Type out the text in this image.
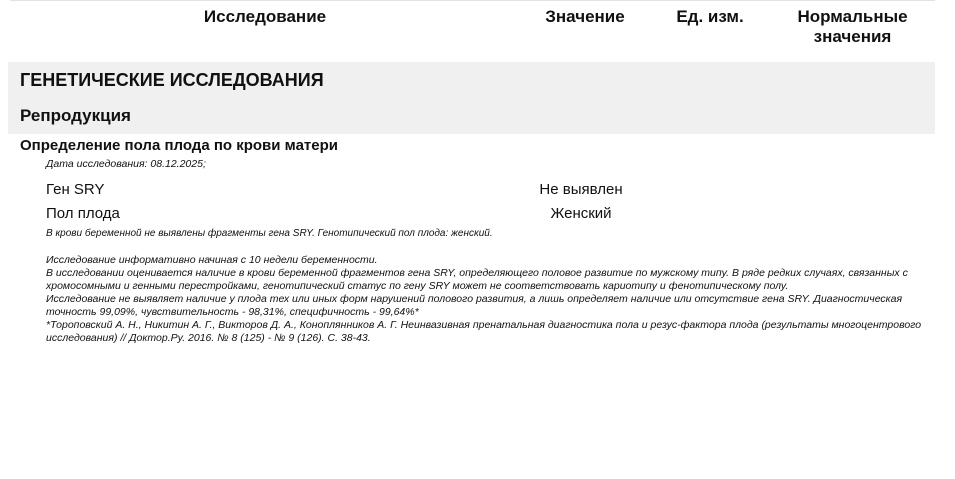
Исследование	Значение	Ед. изм.	Нормальные значения
ГЕНЕТИЧЕСКИЕ ИССЛЕДОВАНИЯ
Репродукция
Определение пола плода по крови матери
Дата исследования: 08.12.2025;
Ген SRY	Не выявлен
Пол плода	Женский
В крови беременной не выявлены фрагменты гена SRY. Генотипический пол плода: женский.

Исследование информативно начиная с 10 недели беременности.

В исследовании оценивается наличие в крови беременной фрагментов гена SRY, определяющего половое развитие по мужскому типу. В ряде редких случаях, связанных с хромосомными и генными перестройками, генотипический статус по гену SRY может не соответствовать кариотипу и фенотипическому полу.

Исследование не выявляет наличие у плода тех или иных форм нарушений полового развития, а лишь определяет наличие или отсутствие гена SRY. Диагностическая точность 99,09%, чувствительность - 98,31%, специфичность - 99,64%*

*Тороповский А. Н., Никитин А. Г., Викторов Д. А., Коноплянников А. Г. Неинвазивная пренатальная диагностика пола и резус-фактора плода (результаты многоцентрового исследования) // Доктор.Ру. 2016. № 8 (125) - № 9 (126). С. 38-43.
